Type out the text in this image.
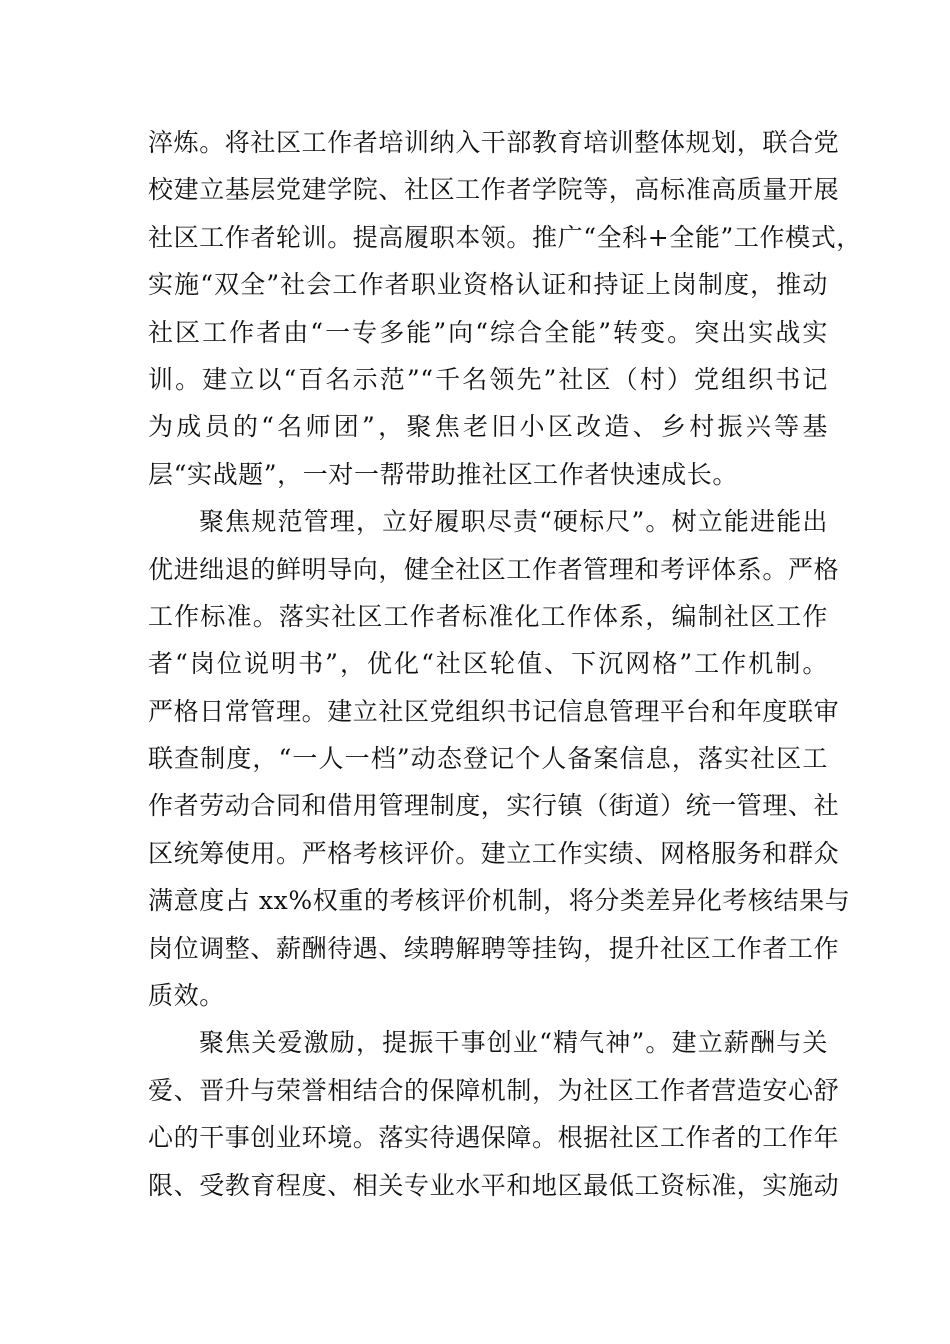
淬炼。将社区工作者培训纳入干部教育培训整体规划，联合党
校建立基层党建学院、社区工作者学院等，高标准高质量开展
社区工作者轮训。提高履职本领。推广“全科+全能”工作模式，
实施“双全”社会工作者职业资格认证和持证上岗制度，推动
社区工作者由“一专多能”向“综合全能”转变。突出实战实
训。建立以“百名示范”“千名领先”社区（村）党组织书记
为成员的“名师团”，聚焦老旧小区改造、乡村振兴等基
层“实战题”，一对一帮带助推社区工作者快速成长。
聚焦规范管理，立好履职尽责“硬标尺”。树立能进能出
优进绌退的鲜明导向，健全社区工作者管理和考评体系。严格
工作标准。落实社区工作者标准化工作体系，编制社区工作
者“岗位说明书”，优化“社区轮值、下沉网格”工作机制。
严格日常管理。建立社区党组织书记信息管理平台和年度联审
联查制度，“一人一档”动态登记个人备案信息，落实社区工
作者劳动合同和借用管理制度，实行镇（街道）统一管理、社
区统筹使用。严格考核评价。建立工作实绩、网格服务和群众
满意度占 xx%权重的考核评价机制，将分类差异化考核结果与
岗位调整、薪酬待遇、续聘解聘等挂钩，提升社区工作者工作
质效。
聚焦关爱激励，提振干事创业“精气神”。建立薪酬与关
爱、晋升与荣誉相结合的保障机制，为社区工作者营造安心舒
心的干事创业环境。落实待遇保障。根据社区工作者的工作年
限、受教育程度、相关专业水平和地区最低工资标准，实施动
